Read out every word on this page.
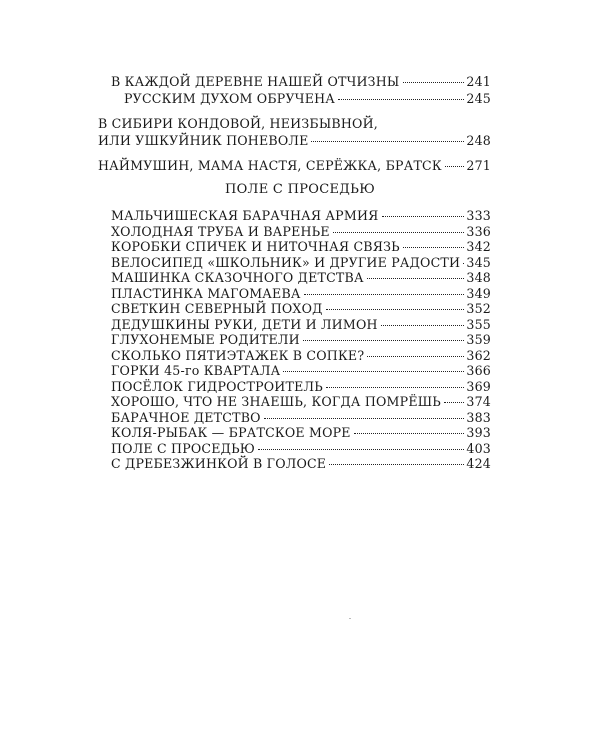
В КАЖДОЙ ДЕРЕВНЕ НАШЕЙ ОТЧИЗНЫ	241
РУССКИМ ДУХОМ ОБРУЧЕНА	245
В СИБИРИ КОНДОВОЙ, НЕИЗБЫВНОЙ,
ИЛИ УШКУЙНИК ПОНЕВОЛЕ	248
НАЙМУШИН, МАМА НАСТЯ, СЕРЁЖКА, БРАТСК 271
ПОЛЕ С ПРОСЕДЬЮ
МАЛЬЧИШЕСКАЯ БАРАЧНАЯ АРМИЯ	333
ХОЛОДНАЯ ТРУБА И ВАРЕНЬЕ	336
КОРОБКИ СПИЧЕК И НИТОЧНАЯ СВЯЗЬ	342
ВЕЛОСИПЕД «ШКОЛЬНИК» И ДРУГИЕ РАДОСТИ 345
МАШИНКА СКАЗОЧНОГО ДЕТСТВА	348
ПЛАСТИНКА МАГОМАЕВА	349
СВЕТКИН СЕВЕРНЫЙ ПОХОД	352
ДЕДУШКИНЫ РУКИ, ДЕТИ И ЛИМОН	355
ГЛУХОНЕМЫЕ РОДИТЕЛИ	359
СКОЛЬКО ПЯТИЭТАЖЕК В СОПКЕ?	362
ГОРКИ 45-го КВАРТАЛА	366
ПОСЁЛОК ГИДРОСТРОИТЕЛЬ	369
ХОРОШО, ЧТО НЕ ЗНАЕШЬ, КОГДА ПОМРЁШЬ 374
БАРАЧНОЕ ДЕТСТВО	383
КОЛЯ-РЫБАК — БРАТСКОЕ МОРЕ	393
ПОЛЕ С ПРОСЕДЬЮ	403
С ДРЕБЕЗЖИНКОЙ В ГОЛОСЕ	424
